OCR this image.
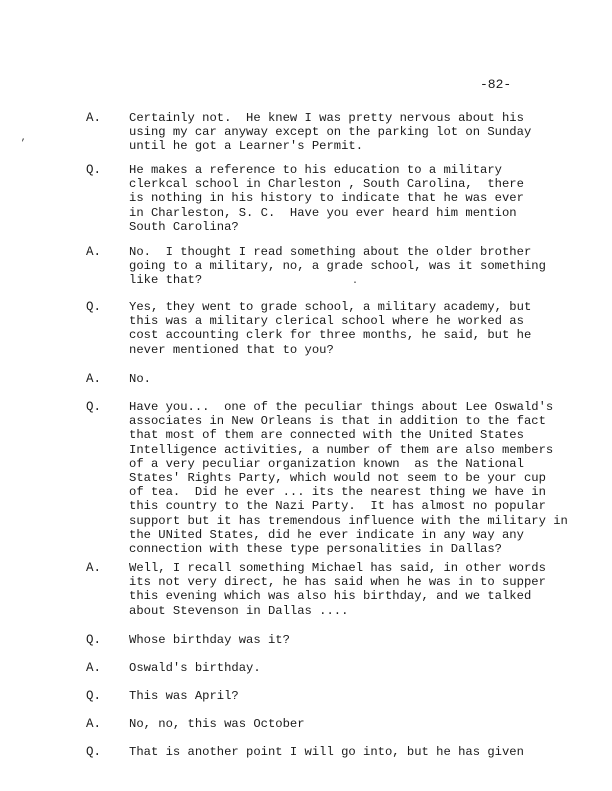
-82-
A. Certainly not.  He knew I was pretty nervous about his
using my car anyway except on the parking lot on Sunday
until he got a Learner's Permit.
Q. He makes a reference to his education to a military
clerkcal school in Charleston , South Carolina,  there
is nothing in his history to indicate that he was ever
in Charleston, S. C.  Have you ever heard him mention
South Carolina?
A. No.  I thought I read something about the older brother
going to a military, no, a grade school, was it something
like that?
Q. Yes, they went to grade school, a military academy, but
this was a military clerical school where he worked as
cost accounting clerk for three months, he said, but he
never mentioned that to you?
A. No.
Q. Have you...  one of the peculiar things about Lee Oswald's
associates in New Orleans is that in addition to the fact
that most of them are connected with the United States
Intelligence activities, a number of them are also members
of a very peculiar organization known  as the National
States' Rights Party, which would not seem to be your cup
of tea.  Did he ever ... its the nearest thing we have in
this country to the Nazi Party.  It has almost no popular
support but it has tremendous influence with the military in
the UNited States, did he ever indicate in any way any
connection with these type personalities in Dallas?
A. Well, I recall something Michael has said, in other words
its not very direct, he has said when he was in to supper
this evening which was also his birthday, and we talked
about Stevenson in Dallas ....
Q. Whose birthday was it?
A. Oswald's birthday.
Q. This was April?
A. No, no, this was October
Q. That is another point I will go into, but he has given
’
·
